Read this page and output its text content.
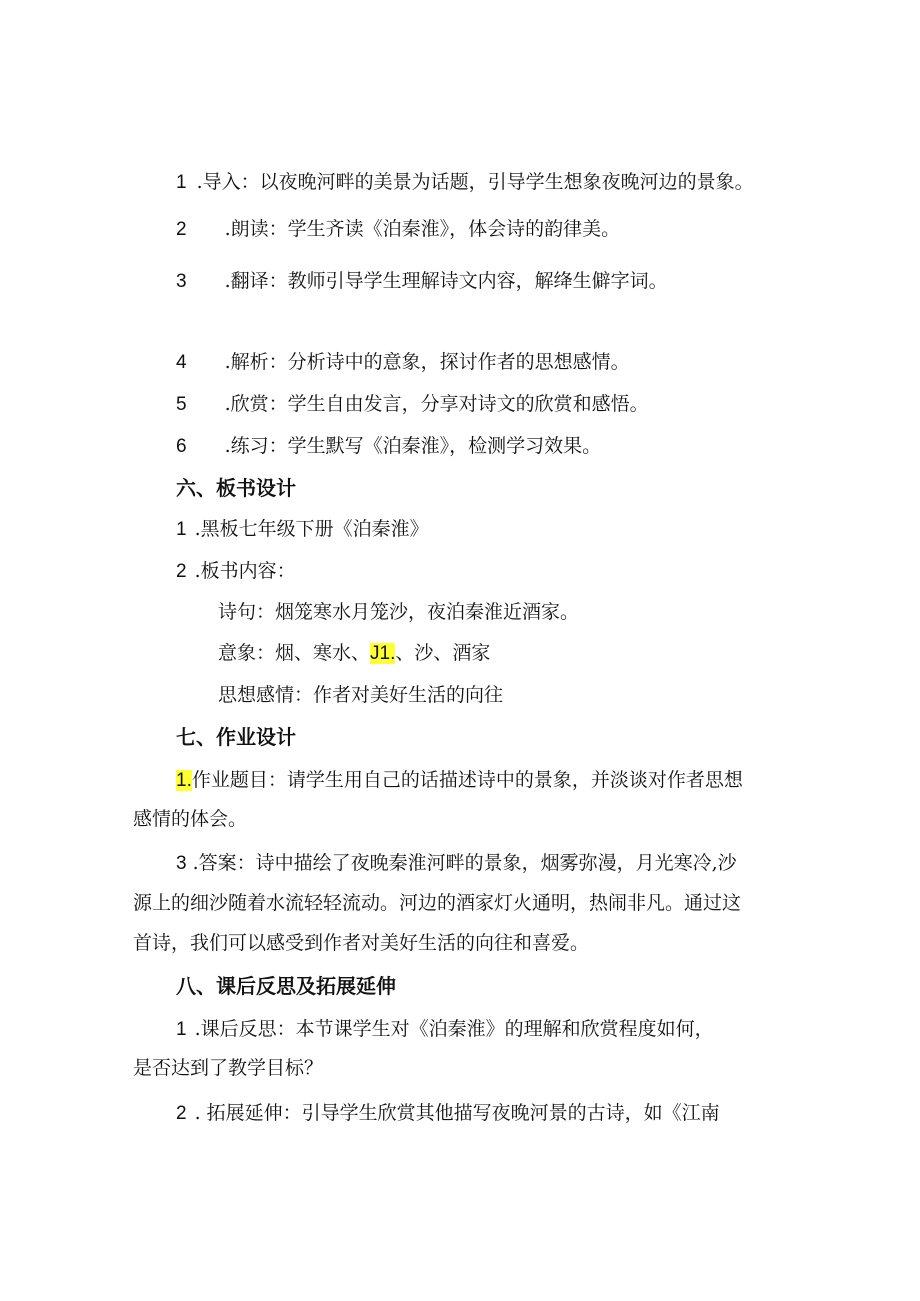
1 .导入：以夜晚河畔的美景为话题，引导学生想象夜晚河边的景象。
2 .朗读：学生齐读《泊秦淮》，体会诗的韵律美。
3 .翻译：教师引导学生理解诗文内容，解绛生僻字词。
4 .解析：分析诗中的意象，探讨作者的思想感情。
5 .欣赏：学生自由发言，分享对诗文的欣赏和感悟。
6 .练习：学生默写《泊秦淮》，检测学习效果。
六、板书设计
1 .黑板七年级下册《泊秦淮》
2 .板书内容：
诗句：烟笼寒水月笼沙，夜泊秦淮近酒家。
意象：烟、寒水、J1.、沙、酒家
思想感情：作者对美好生活的向往
七、作业设计
1.作业题目：请学生用自己的话描述诗中的景象，并淡谈对作者思想
感情的体会。
3 .答案：诗中描绘了夜晚秦淮河畔的景象，烟雾弥漫，月光寒冷,沙
源上的细沙随着水流轻轻流动。河边的酒家灯火通明，热闹非凡。通过这
首诗，我们可以感受到作者对美好生活的向往和喜爱。
八、课后反思及拓展延伸
1 .课后反思：本节课学生对《泊秦淮》的理解和欣赏程度如何，
是否达到了教学目标？
2 . 拓展延伸：引导学生欣赏其他描写夜晚河景的古诗，如《江南
